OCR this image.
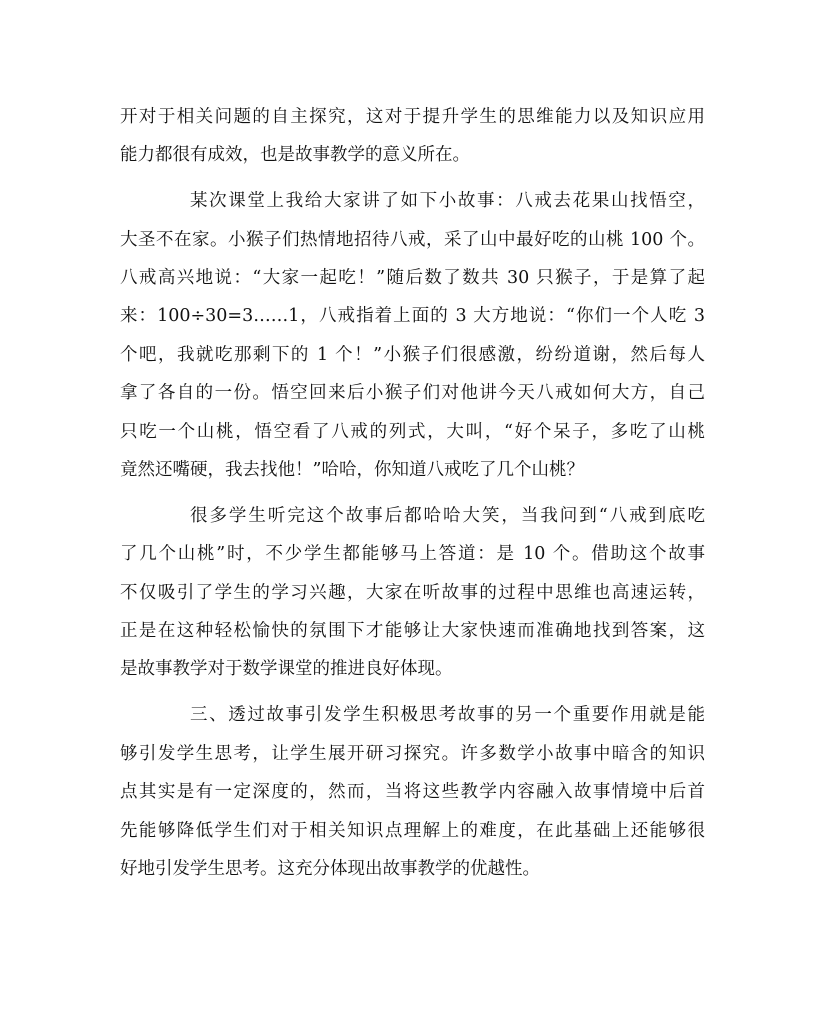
开对于相关问题的自主探究，这对于提升学生的思维能力以及知识应用
能力都很有成效，也是故事教学的意义所在。
某次课堂上我给大家讲了如下小故事：八戒去花果山找悟空，
大圣不在家。小猴子们热情地招待八戒，采了山中最好吃的山桃 100 个。
八戒高兴地说：“大家一起吃！”随后数了数共 30 只猴子，于是算了起
来：100÷30=3……1，八戒指着上面的 3 大方地说：“你们一个人吃 3
个吧，我就吃那剩下的 1 个！”小猴子们很感激，纷纷道谢，然后每人
拿了各自的一份。悟空回来后小猴子们对他讲今天八戒如何大方，自己
只吃一个山桃，悟空看了八戒的列式，大叫，“好个呆子，多吃了山桃
竟然还嘴硬，我去找他！”哈哈，你知道八戒吃了几个山桃？
很多学生听完这个故事后都哈哈大笑，当我问到“八戒到底吃
了几个山桃”时，不少学生都能够马上答道：是 10 个。借助这个故事
不仅吸引了学生的学习兴趣，大家在听故事的过程中思维也高速运转，
正是在这种轻松愉快的氛围下才能够让大家快速而准确地找到答案，这
是故事教学对于数学课堂的推进良好体现。
三、透过故事引发学生积极思考故事的另一个重要作用就是能
够引发学生思考，让学生展开研习探究。许多数学小故事中暗含的知识
点其实是有一定深度的，然而，当将这些教学内容融入故事情境中后首
先能够降低学生们对于相关知识点理解上的难度，在此基础上还能够很
好地引发学生思考。这充分体现出故事教学的优越性。
